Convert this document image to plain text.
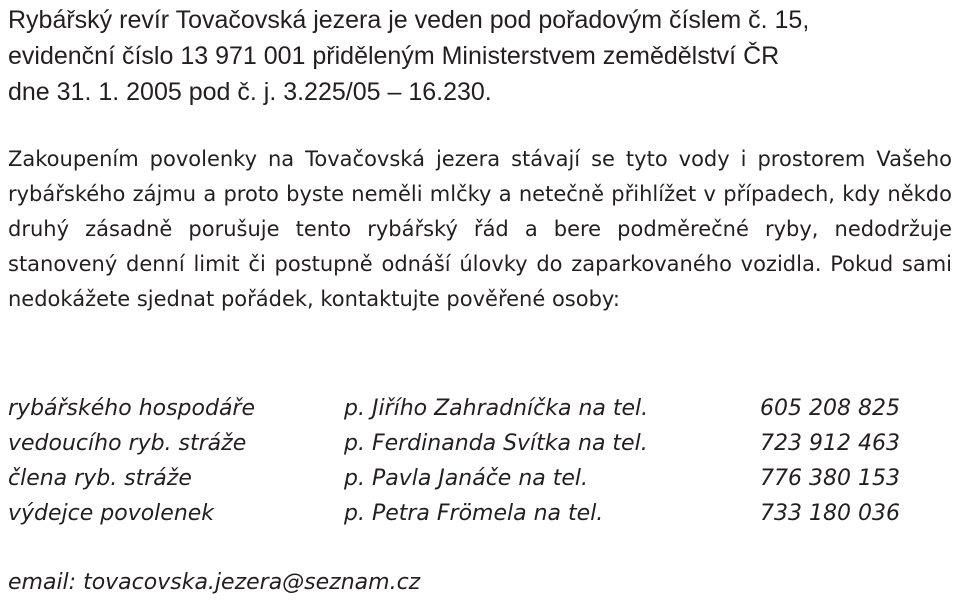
Rybářský revír Tovačovská jezera je veden pod pořadovým číslem č. 15,
evidenční číslo 13 971 001 přiděleným Ministerstvem zemědělství ČR
dne 31. 1. 2005 pod č. j. 3.225/05 – 16.230.
Zakoupením povolenky na Tovačovská jezera stávají se tyto vody i prostorem Vašeho rybářského zájmu a proto byste neměli mlčky a netečně přihlížet v případech, kdy někdo druhý zásadně porušuje tento rybářský řád a bere podměrečné ryby, nedodržuje stanovený denní limit či postupně odnáší úlovky do zaparkovaného vozidla. Pokud sami nedokážete sjednat pořádek, kontaktujte pověřené osoby:
rybářského hospodáře	p. Jiřího Zahradníčka na tel.	605 208 825
vedoucího ryb. stráže	p. Ferdinanda Svítka na tel.	723 912 463
člena ryb. stráže	p. Pavla Janáče na tel.	776 380 153
výdejce povolenek	p. Petra Frömela na tel.	733 180 036
email: tovacovska.jezera@seznam.cz
